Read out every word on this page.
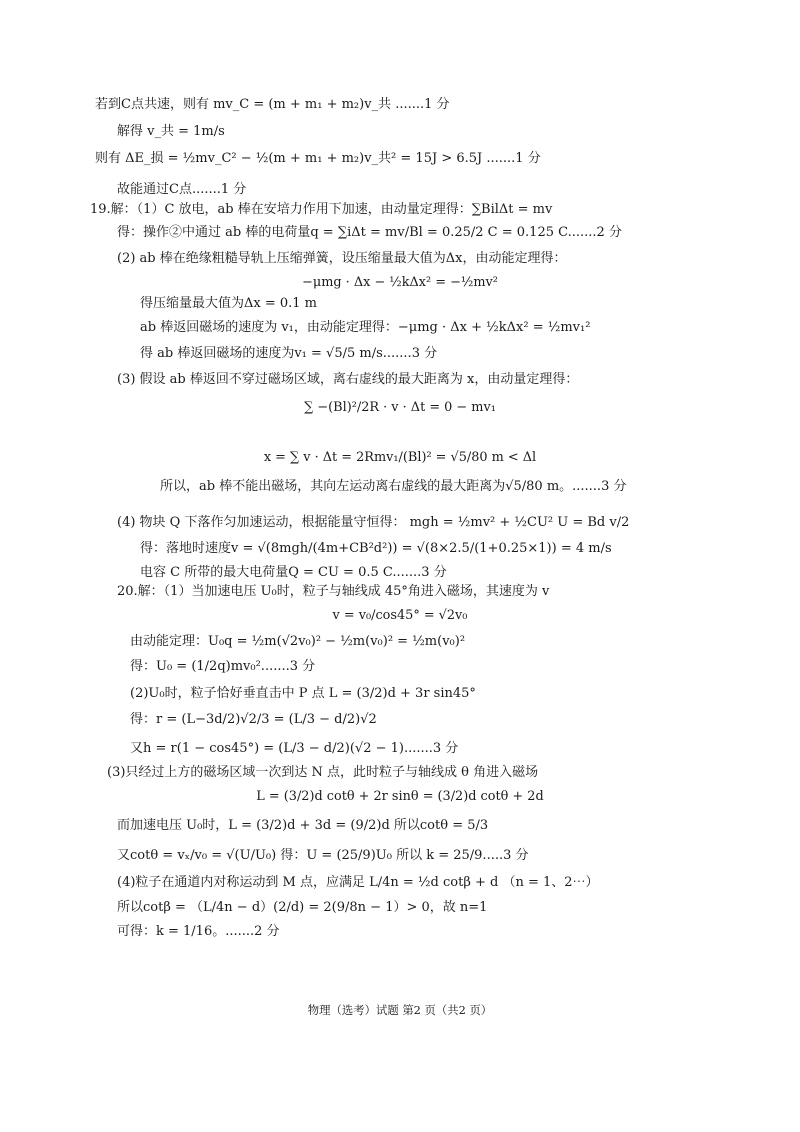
若到C点共速，则有 mv_C = (m + m₁ + m₂)v_共 .......1 分
解得 v_共 = 1m/s
则有 ΔE_损 = ½mv_C² − ½(m + m₁ + m₂)v_共² = 15J > 6.5J .......1 分
故能通过C点.......1 分
19.解：（1）C 放电，ab 棒在安培力作用下加速，由动量定理得：∑BilΔt = mv
得：操作②中通过 ab 棒的电荷量q = ∑iΔt = mv/Bl = 0.25/2 C = 0.125 C.......2 分
(2) ab 棒在绝缘粗糙导轨上压缩弹簧，设压缩量最大值为Δx，由动能定理得：
−μmg · Δx − ½kΔx² = −½mv²
得压缩量最大值为Δx = 0.1 m
ab 棒返回磁场的速度为 v₁，由动能定理得：−μmg · Δx + ½kΔx² = ½mv₁²
得 ab 棒返回磁场的速度为v₁ = √5/5 m/s.......3 分
(3) 假设 ab 棒返回不穿过磁场区域，离右虚线的最大距离为 x，由动量定理得：
∑ −(Bl)²/2R · v · Δt = 0 − mv₁
x = ∑ v · Δt = 2Rmv₁/(Bl)² = √5/80 m < Δl
所以，ab 棒不能出磁场，其向左运动离右虚线的最大距离为√5/80 m。.......3 分
(4) 物块 Q 下落作匀加速运动，根据能量守恒得： mgh = ½mv² + ½CU² U = Bd v/2
得：落地时速度v = √(8mgh/(4m+CB²d²)) = √(8×2.5/(1+0.25×1)) = 4 m/s
电容 C 所带的最大电荷量Q = CU = 0.5 C.......3 分
20.解：（1）当加速电压 U₀时，粒子与轴线成 45°角进入磁场，其速度为 v
v = v₀/cos45° = √2v₀
由动能定理：U₀q = ½m(√2v₀)² − ½m(v₀)² = ½m(v₀)²
得：U₀ = (1/2q)mv₀².......3 分
(2)U₀时，粒子恰好垂直击中 P 点 L = (3/2)d + 3r sin45°
得：r = (L−3d/2)√2/3 = (L/3 − d/2)√2
又h = r(1 − cos45°) = (L/3 − d/2)(√2 − 1).......3 分
(3)只经过上方的磁场区域一次到达 N 点，此时粒子与轴线成 θ 角进入磁场
L = (3/2)d cotθ + 2r sinθ = (3/2)d cotθ + 2d
而加速电压 U₀时，L = (3/2)d + 3d = (9/2)d 所以cotθ = 5/3
又cotθ = vₓ/v₀ = √(U/U₀) 得：U = (25/9)U₀ 所以 k = 25/9.....3 分
(4)粒子在通道内对称运动到 M 点，应满足 L/4n = ½d cotβ + d （n = 1、2⋯）
所以cotβ = （L/4n − d）(2/d) = 2(9/8n − 1）> 0，故 n=1
可得：k = 1/16。.......2 分
物理（选考）试题 第2 页（共2 页）
